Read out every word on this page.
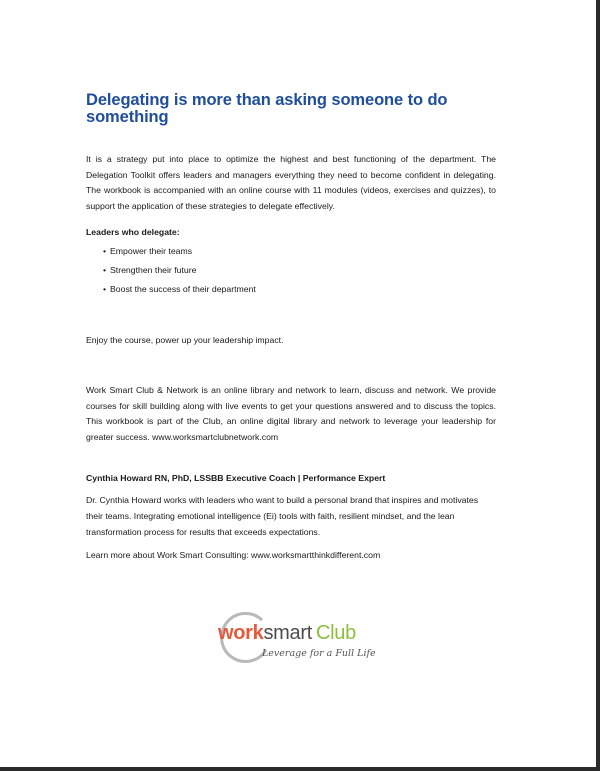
Delegating is more than asking someone to do something

It is a strategy put into place to optimize the highest and best functioning of the department. The Delegation Toolkit offers leaders and managers everything they need to become confident in delegating. The workbook is accompanied with an online course with 11 modules (videos, exercises and quizzes), to support the application of these strategies to delegate effectively.

Leaders who delegate:
• Empower their teams
• Strengthen their future
• Boost the success of their department

Enjoy the course, power up your leadership impact.

Work Smart Club & Network is an online library and network to learn, discuss and network. We provide courses for skill building along with live events to get your questions answered and to discuss the topics. This workbook is part of the Club, an online digital library and network to leverage your leadership for greater success. www.worksmartclubnetwork.com

Cynthia Howard RN, PhD, LSSBB Executive Coach | Performance Expert

Dr. Cynthia Howard works with leaders who want to build a personal brand that inspires and motivates their teams. Integrating emotional intelligence (Ei) tools with faith, resilient mindset, and the lean transformation process for results that exceeds expectations.

Learn more about Work Smart Consulting: www.worksmartthinkdifferent.com

worksmart Club
Leverage for a Full Life
